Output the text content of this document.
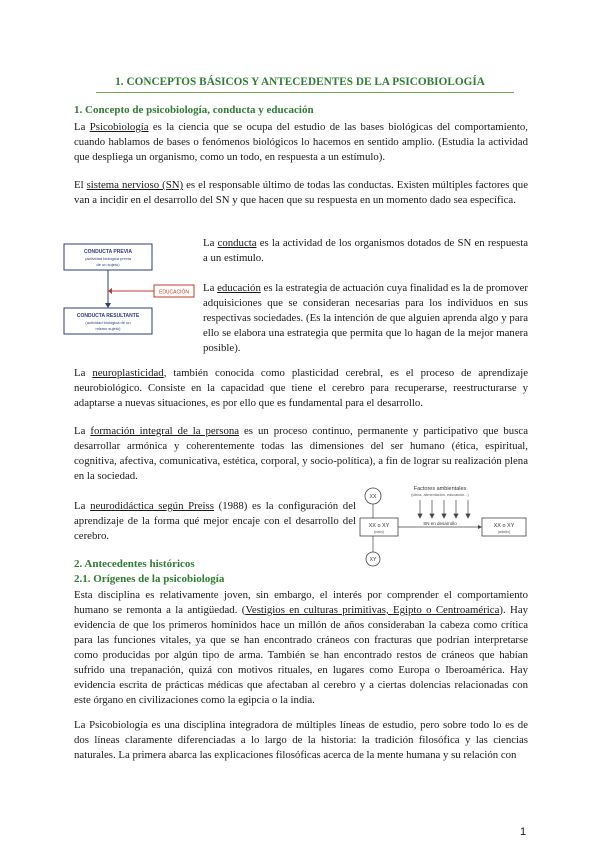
1. CONCEPTOS BÁSICOS Y ANTECEDENTES DE LA PSICOBIOLOGÍA
1. Concepto de psicobiología, conducta y educación
La Psicobiología es la ciencia que se ocupa del estudio de las bases biológicas del comportamiento, cuando hablamos de bases o fenómenos biológicos lo hacemos en sentido amplio. (Estudia la actividad que despliega un organismo, como un todo, en respuesta a un estímulo).
El sistema nervioso (SN) es el responsable último de todas las conductas. Existen múltiples factores que van a incidir en el desarrollo del SN y que hacen que su respuesta en un momento dado sea específica.
CONDUCTA PREVIA
(actividad biológica previa
de un sujeto)
EDUCACIÓN
CONDUCTA RESULTANTE
(actividad biológica de un
mismo sujeto)
La conducta es la actividad de los organismos dotados de SN en respuesta a un estímulo.
La educación es la estrategia de actuación cuya finalidad es la de promover adquisiciones que se consideran necesarias para los individuos en sus respectivas sociedades. (Es la intención de que alguien aprenda algo y para ello se elabora una estrategia que permita que lo hagan de la mejor manera posible).
La neuroplasticidad, también conocida como plasticidad cerebral, es el proceso de aprendizaje neurobiológico. Consiste en la capacidad que tiene el cerebro para recuperarse, reestructurarse y adaptarse a nuevas situaciones, es por ello que es fundamental para el desarrollo.
La formación integral de la persona es un proceso continuo, permanente y participativo que busca desarrollar armónica y coherentemente todas las dimensiones del ser humano (ética, espiritual, cognitiva, afectiva, comunicativa, estética, corporal, y socio-política), a fin de lograr su realización plena en la sociedad.
La neurodidáctica según Preiss (1988) es la configuración del aprendizaje de la forma qué mejor encaje con el desarrollo del cerebro.
Factores ambientales
(clima, alimentación, educación...)
XX
XX o XY
(nato)
SN en desarrollo	XX o XY
(adulto)
XY
2. Antecedentes históricos
2.1. Orígenes de la psicobiología
Esta disciplina es relativamente joven, sin embargo, el interés por comprender el comportamiento humano se remonta a la antigüedad. (Vestigios en culturas primitivas, Egipto o Centroamérica). Hay evidencia de que los primeros homínidos hace un millón de años consideraban la cabeza como crítica para las funciones vitales, ya que se han encontrado cráneos con fracturas que podrían interpretarse como producidas por algún tipo de arma. También se han encontrado restos de cráneos que habían sufrido una trepanación, quizá con motivos rituales, en lugares como Europa o Iberoamérica. Hay evidencia escrita de prácticas médicas que afectaban al cerebro y a ciertas dolencias relacionadas con este órgano en civilizaciones como la egipcia o la india.
La Psicobiología es una disciplina integradora de múltiples líneas de estudio, pero sobre todo lo es de dos líneas claramente diferenciadas a lo largo de la historia: la tradición filosófica y las ciencias naturales. La primera abarca las explicaciones filosóficas acerca de la mente humana y su relación con
1
